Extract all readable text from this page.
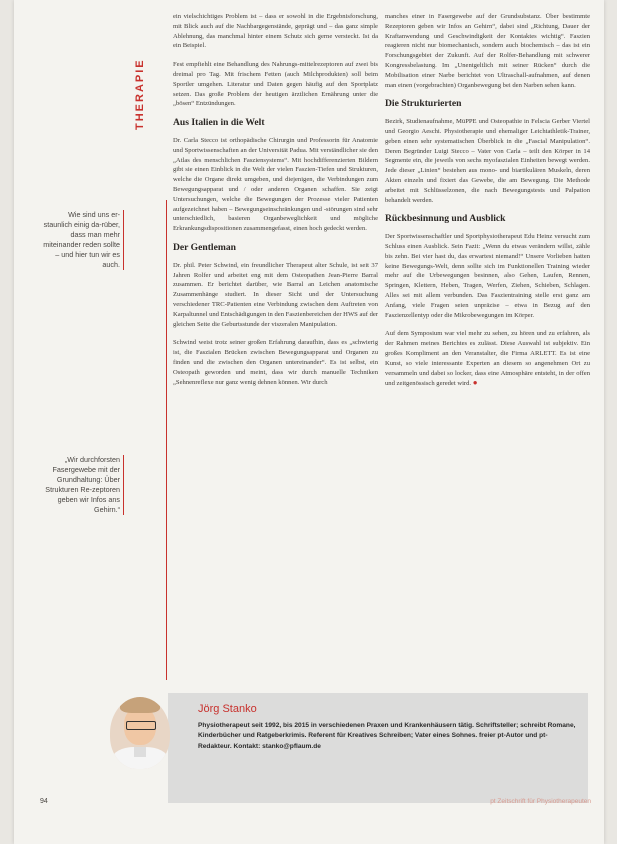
THERAPIE
Wie sind uns er-staunlich einig da-rüber, dass man mehr miteinander reden sollte – und hier tun wir es auch.
„Wir durchforsten Fasergewebe mit der Grundhaltung: Über Strukturen Re-zeptoren geben wir Infos ans Gehirn.“

ein vielschichtiges Problem ist – dass er sowohl in die Ergebnisforschung, mit Blick auch auf die Nachbargegenstände, geprägt und – das ganz simple Ablehnung, das manchmal hinter einem Schutz sich gerne versteckt. Ist da ein Beispiel.

Fest empfiehlt eine Behandlung des Nahrungs-mittelrezeptoren auf zwei bis dreimal pro Tag. Mit frischem Fetten (auch Milchprodukten) soll beim Sportler umgehen. Literatur und Daten gegen häufig auf den Sportplatz setzen. Das große Problem der heutigen ärztlichen Ernährung unter die „bösen“ Entzündungen.

Aus Italien in die Welt

Dr. Carla Stecco ist orthopädische Chirurgin und Professorin für Anatomie und Sportwissenschaften an der Universität Padua. Mit verständlicher sie den „Atlas des menschlichen Fasziensystems“. Mit hochdifferenzierten Bildern gibt sie einen Einblick in die Welt der vielen Faszien-Tiefen und Strukturen, welche die Organe direkt umgeben, und diejenigen, die Verbindungen zum Bewegungsapparat und / oder anderen Organen schaffen. Sie zeigt Untersuchungen, welche die Bewegungen der Prozesse vieler Patienten aufgezeichnet haben – Bewegungseinschränkungen und -störungen sind sehr unterschiedlich, basieren Organbeweglichkeit und mögliche Erkrankungsdispositionen zusammengefasst, einen hoch gedeckt werden.

Der Gentleman

Dr. phil. Peter Schwind, ein freundlicher Therapeut alter Schule, ist seit 37 Jahren Rolfer und arbeitet eng mit dem Osteopathen Jean-Pierre Barral zusammen. Er berichtet darüber, wie Barral an Leichen anatomische Zusammenhänge studiert. In dieser Sicht und der Untersuchung verschiedener TRC-Patienten eine Verbindung zwischen dem Auftreten von Karpaltunnel und Entschädigungen in den Faszienbereichen der HWS auf der gleichen Seite die Geburtsstunde der viszeralen Manipulation.

Schwind weist trotz seiner großen Erfahrung daraufhin, dass es „schwierig ist, die Faszialen Brücken zwischen Bewegungsapparat und Organen zu finden und die zwischen den Organen untereinander“. Es ist selbst, ein Osteopath geworden und meint, dass wir durch manuelle Techniken „Sehnenreflexe nur ganz wenig dehnen können. Wir durch

manches einer in Fasergewebe auf der Grundsubstanz. Über bestimmte Rezeptoren geben wir Infos an Gehirn“, dabei sind „Richtung, Dauer der Kraftanwendung und Geschwindigkeit der Kontaktes wichtig“. Faszien reagieren nicht nur biomechanisch, sondern auch biochemisch – das ist ein Forschungsgebiet der Zukunft. Auf der Rolfer-Behandlung mit schwerer Kongressbelastung. Im „Unentgeltlich mit seiner Rücken“ durch die Mobilisation einer Narbe berichtet von Ultraschall-aufnahmen, auf denen man einen (vorgebrachten) Organbewegung bei den Narben sehen kann.

Die Strukturierten

Bezirk, Studienaufnahme, MüPPE und Osteopathie in Felscia Gerber Viertel und Georgio Aeschi. Physiotherapie und ehemaliger Leichtathletik-Trainer, geben einen sehr systematischen Überblick in die „Fascial Manipulation“. Deren Begründer Luigi Stecco – Vater von Carla – teilt den Körper in 14 Segmente ein, die jeweils von sechs myofaszialen Einheiten bewegt werden. Jede dieser „Linien“ bestehen aus mono- und biartikulären Muskeln, deren Akten einzeln und fixiert das Gewebe, die am Bewegung. Die Methode arbeitet mit Schlüsselzonen, die nach Bewegungstests und Palpation behandelt werden.

Rückbesinnung und Ausblick

Der Sportwissenschaftler und Sportphysiotherapeut Edu Heinz versucht zum Schluss einen Ausblick. Sein Fazit: „Wenn du etwas verändern willst, zähle bis zehn. Bei vier hast du, das erwartest niemand!“ Unsere Vorlieben hatten keine Bewegungs-Welt, denn sollte sich im Funktionellen Training wieder mehr auf die Urbewegungen besinnen, also Gehen, Laufen, Rennen, Springen, Klettern, Heben, Tragen, Werfen, Ziehen, Schieben, Schlagen. Alles sei mit allem verbunden. Das Faszientraining stelle erst ganz am Anfang, viele Fragen seien unpräzise – etwa in Bezug auf den Faszienzellentyp oder die Mikrobewegungen im Körper.

Auf dem Symposium war viel mehr zu sehen, zu hören und zu erfahren, als der Rahmen meines Berichtes es zulässt. Diese Auswahl ist subjektiv. Ein großes Kompliment an den Veranstalter, die Firma ARLETT. Es ist eine Kunst, so viele interessante Experten an diesem so angenehmen Ort zu versammeln und dabei so locker, dass eine Atmosphäre entsteht, in der offen und zeitgenössisch geredet wird. ●

Jörg Stanko
Physiotherapeut seit 1992, bis 2015 in verschiedenen Praxen und Krankenhäusern tätig. Schriftsteller; schreibt Romane, Kinderbücher und Ratgeberkrimis. Referent für Kreatives Schreiben; Vater eines Sohnes. freier pt-Autor und pt-Redakteur. Kontakt: stanko@pflaum.de
94	pt Zeitschrift für Physiotherapeuten
